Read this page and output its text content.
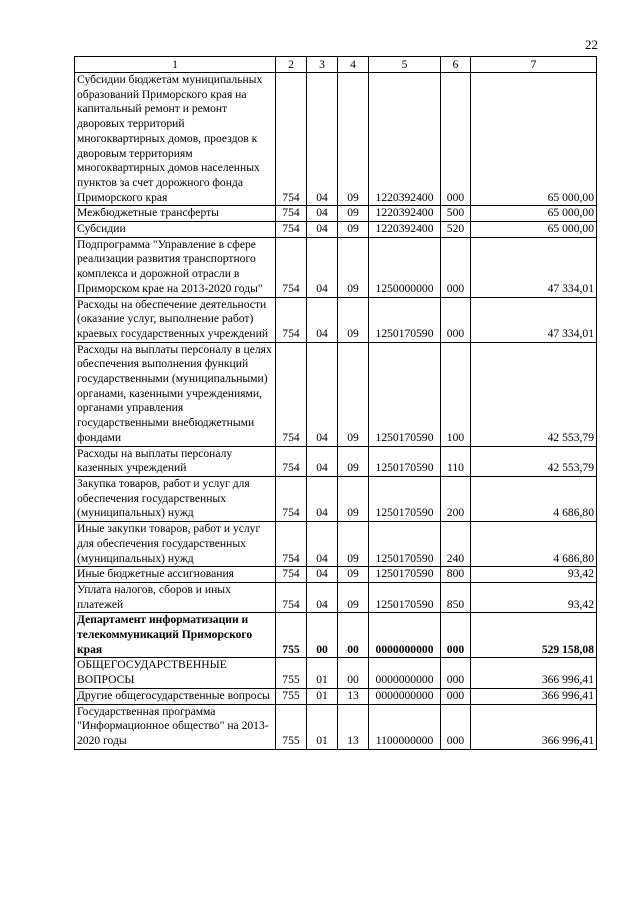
22
1	2	3	4	5	6	7
Субсидии бюджетам муниципальных образований Приморского края на капитальный ремонт и ремонт дворовых территорий многоквартирных домов, проездов к дворовым территориям многоквартирных домов населенных пунктов за счет дорожного фонда Приморского края	754	04	09	1220392400	000	65 000,00
Межбюджетные трансферты	754	04	09	1220392400	500	65 000,00
Субсидии	754	04	09	1220392400	520	65 000,00
Подпрограмма "Управление в сфере реализации развития транспортного комплекса и дорожной отрасли в Приморском крае на 2013-2020 годы"	754	04	09	1250000000	000	47 334,01
Расходы на обеспечение деятельности (оказание услуг, выполнение работ) краевых государственных учреждений	754	04	09	1250170590	000	47 334,01
Расходы на выплаты персоналу в целях обеспечения выполнения функций государственными (муниципальными) органами, казенными учреждениями, органами управления государственными внебюджетными фондами	754	04	09	1250170590	100	42 553,79
Расходы на выплаты персоналу казенных учреждений	754	04	09	1250170590	110	42 553,79
Закупка товаров, работ и услуг для обеспечения государственных (муниципальных) нужд	754	04	09	1250170590	200	4 686,80
Иные закупки товаров, работ и услуг для обеспечения государственных (муниципальных) нужд	754	04	09	1250170590	240	4 686,80
Иные бюджетные ассигнования	754	04	09	1250170590	800	93,42
Уплата налогов, сборов и иных платежей	754	04	09	1250170590	850	93,42
Департамент информатизации и телекоммуникаций Приморского края	755	00	00	0000000000	000	529 158,08
ОБЩЕГОСУДАРСТВЕННЫЕ ВОПРОСЫ	755	01	00	0000000000	000	366 996,41
Другие общегосударственные вопросы	755	01	13	0000000000	000	366 996,41
Государственная программа "Информационное общество" на 2013-2020 годы	755	01	13	1100000000	000	366 996,41
